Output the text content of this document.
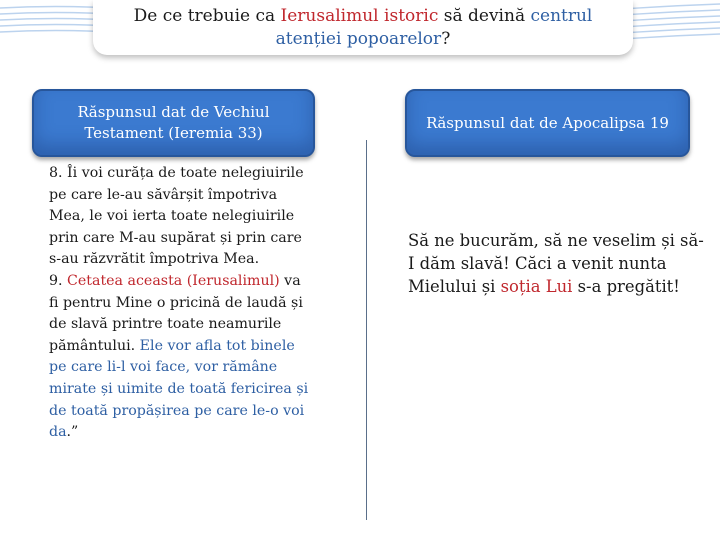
De ce trebuie ca Ierusalimul istoric să devină centrul
atenției popoarelor?
Răspunsul dat de Vechiul Testament (Ieremia 33)
Răspunsul dat de Apocalipsa 19
8. Îi voi curăța de toate nelegiuirile pe care le-au săvârșit împotriva Mea, le voi ierta toate nelegiuirile prin care M-au supărat și prin care s-au răzvrătit împotriva Mea.
9. Cetatea aceasta (Ierusalimul) va fi pentru Mine o pricină de laudă și de slavă printre toate neamurile pământului. Ele vor afla tot binele pe care li-l voi face, vor rămâne mirate și uimite de toată fericirea și de toată propășirea pe care le-o voi da.”
Să ne bucurăm, să ne veselim și să-I dăm slavă! Căci a venit nunta Mielului și soția Lui s-a pregătit!
